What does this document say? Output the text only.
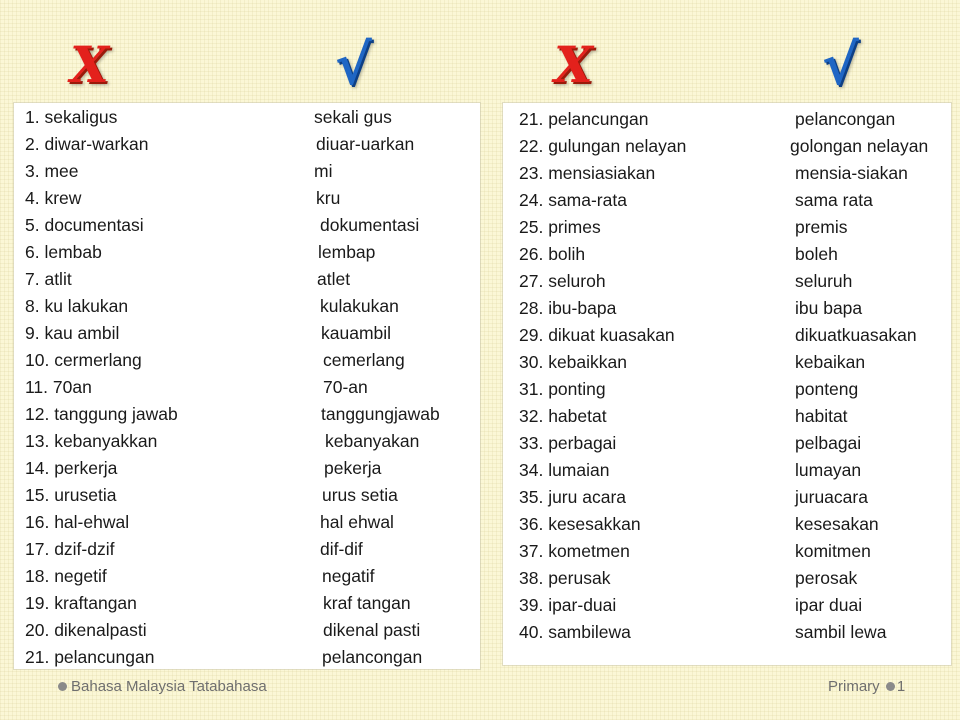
X	√	X	√
1. sekaligus	sekali gus
2. diwar-warkan	diuar-uarkan
3. mee	mi
4. krew	kru
5. documentasi	dokumentasi
6. lembab	lembap
7. atlit	atlet
8. ku lakukan	kulakukan
9. kau ambil	kauambil
10. cermerlang	cemerlang
11. 70an	70-an
12. tanggung jawab	tanggungjawab
13. kebanyakkan	kebanyakan
14. perkerja	pekerja
15. urusetia	urus setia
16. hal-ehwal	hal ehwal
17. dzif-dzif	dif-dif
18. negetif	negatif
19. kraftangan	kraf tangan
20. dikenalpasti	dikenal pasti
21. pelancungan	pelancongan
21. pelancungan	pelancongan
22. gulungan nelayan	golongan nelayan
23. mensiasiakan	mensia-siakan
24. sama-rata	sama rata
25. primes	premis
26. bolih	boleh
27. seluroh	seluruh
28. ibu-bapa	ibu bapa
29. dikuat kuasakan	dikuatkuasakan
30. kebaikkan	kebaikan
31. ponting	ponteng
32. habetat	habitat
33. perbagai	pelbagai
34. lumaian	lumayan
35. juru acara	juruacara
36. kesesakkan	kesesakan
37. kometmen	komitmen
38. perusak	perosak
39. ipar-duai	ipar duai
40. sambilewa	sambil lewa
Bahasa Malaysia Tatabahasa	Primary 1
